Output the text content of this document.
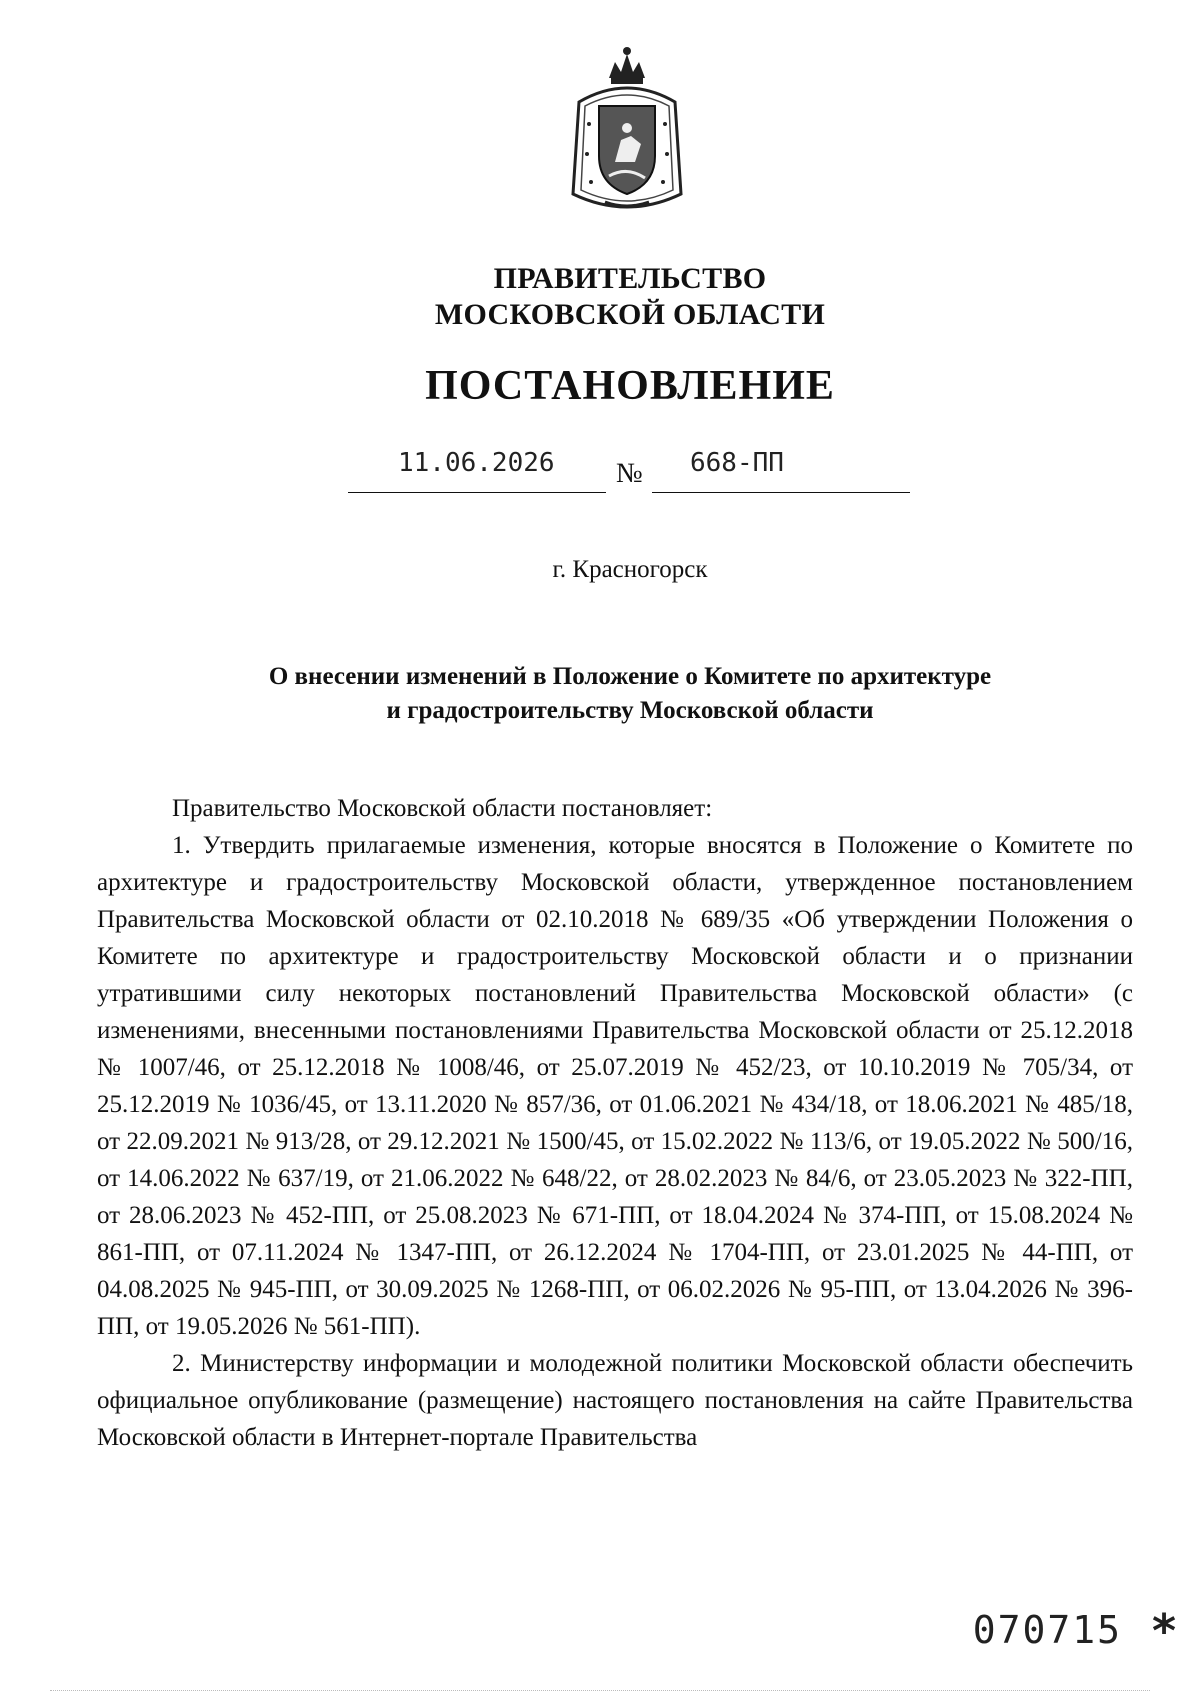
ПРАВИТЕЛЬСТВО
МОСКОВСКОЙ ОБЛАСТИ
ПОСТАНОВЛЕНИЕ
11.06.2026 № 668-ПП
г. Красногорск
О внесении изменений в Положение о Комитете по архитектуре
и градостроительству Московской области

Правительство Московской области постановляет:

1. Утвердить прилагаемые изменения, которые вносятся в Положение о Комитете по архитектуре и градостроительству Московской области, утвержденное постановлением Правительства Московской области от 02.10.2018 № 689/35 «Об утверждении Положения о Комитете по архитектуре и градостроительству Московской области и о признании утратившими силу некоторых постановлений Правительства Московской области» (с изменениями, внесенными постановлениями Правительства Московской области от 25.12.2018 № 1007/46, от 25.12.2018 № 1008/46, от 25.07.2019 № 452/23, от 10.10.2019 № 705/34, от 25.12.2019 № 1036/45, от 13.11.2020 № 857/36, от 01.06.2021 № 434/18, от 18.06.2021 № 485/18, от 22.09.2021 № 913/28, от 29.12.2021 № 1500/45, от 15.02.2022 № 113/6, от 19.05.2022 № 500/16, от 14.06.2022 № 637/19, от 21.06.2022 № 648/22, от 28.02.2023 № 84/6, от 23.05.2023 № 322-ПП, от 28.06.2023 № 452-ПП, от 25.08.2023 № 671-ПП, от 18.04.2024 № 374-ПП, от 15.08.2024 № 861-ПП, от 07.11.2024 № 1347-ПП, от 26.12.2024 № 1704-ПП, от 23.01.2025 № 44-ПП, от 04.08.2025 № 945-ПП, от 30.09.2025 № 1268-ПП, от 06.02.2026 № 95-ПП, от 13.04.2026 № 396-ПП, от 19.05.2026 № 561-ПП).

2. Министерству информации и молодежной политики Московской области обеспечить официальное опубликование (размещение) настоящего постановления на сайте Правительства Московской области в Интернет-портале Правительства

070715 *
